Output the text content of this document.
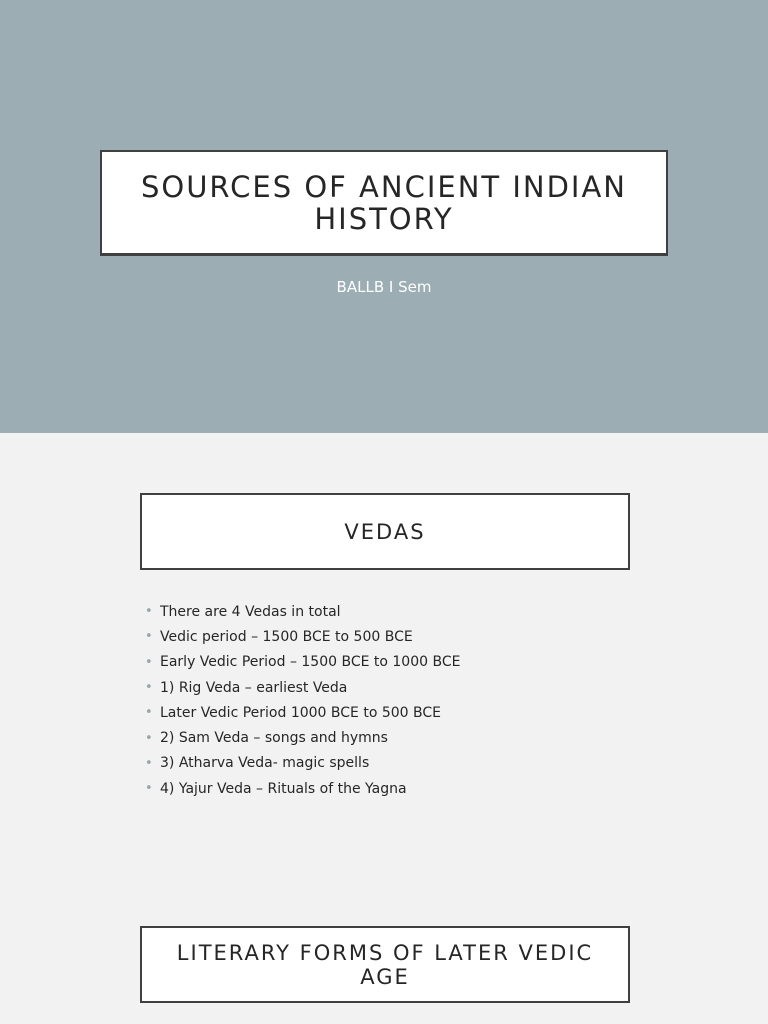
SOURCES OF ANCIENT INDIAN HISTORY
BALLB I Sem
VEDAS
• There are 4 Vedas in total
• Vedic period – 1500 BCE to 500 BCE
• Early Vedic Period – 1500 BCE to 1000 BCE
• 1) Rig Veda – earliest Veda
• Later Vedic Period 1000 BCE to 500 BCE
• 2) Sam Veda – songs and hymns
• 3) Atharva Veda- magic spells
• 4) Yajur Veda – Rituals of the Yagna
LITERARY FORMS OF LATER VEDIC AGE
